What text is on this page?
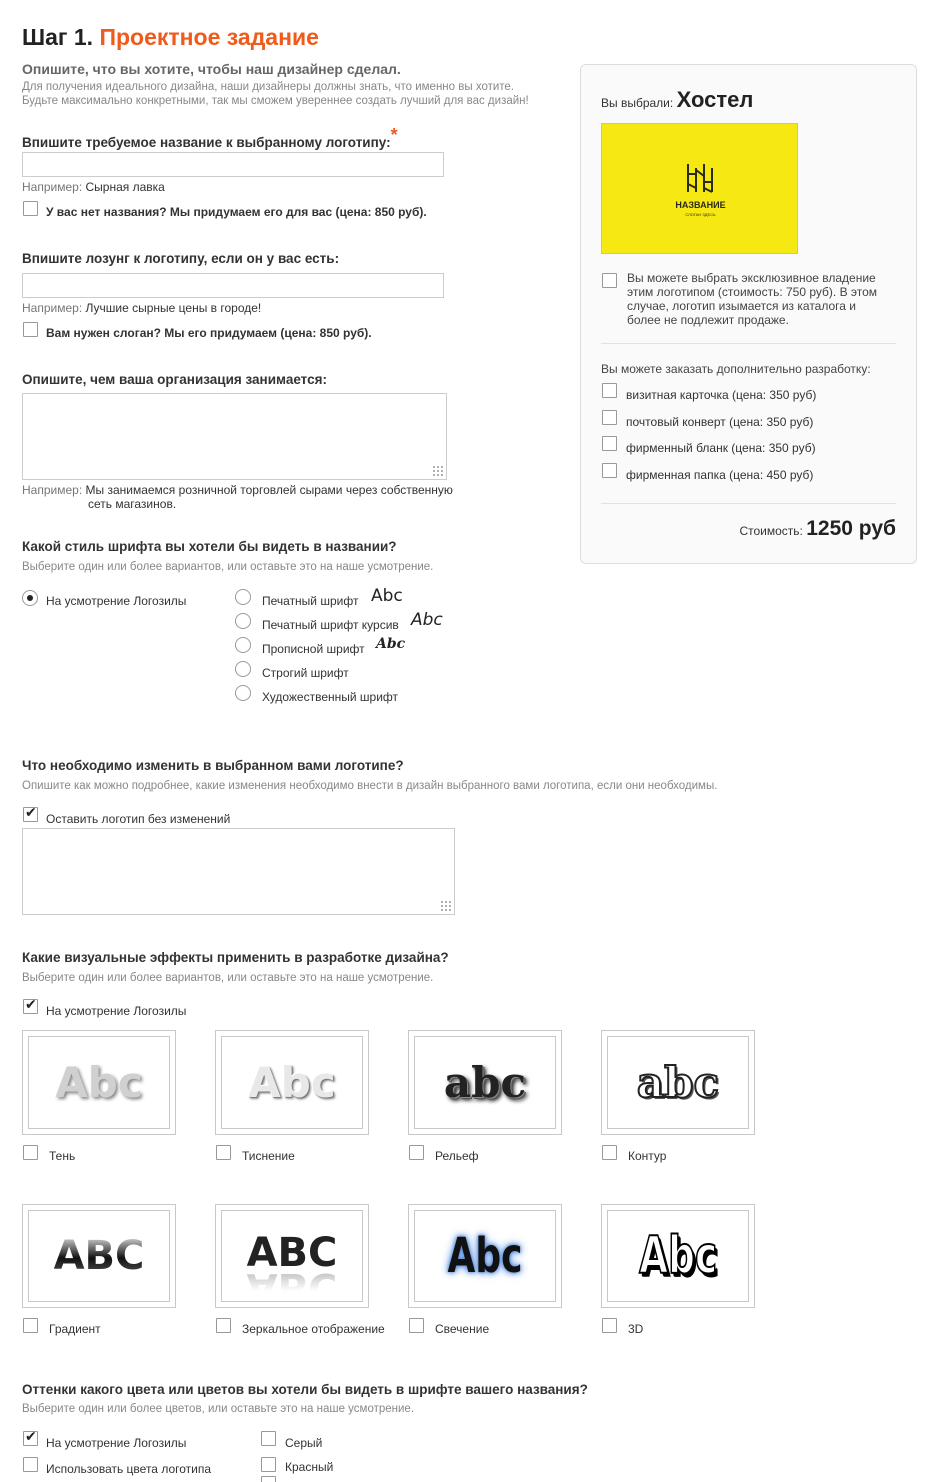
Шаг 1. Проектное задание
Опишите, что вы хотите, чтобы наш дизайнер сделал.
Для получения идеального дизайна, наши дизайнеры должны знать, что именно вы хотите.
Будьте максимально конкретными, так мы сможем увереннее создать лучший для вас дизайн!
Впишите требуемое название к выбранному логотипу:*
Например: Сырная лавка
У вас нет названия? Мы придумаем его для вас (цена: 850 руб).
Впишите лозунг к логотипу, если он у вас есть:
Например: Лучшие сырные цены в городе!
Вам нужен слоган? Мы его придумаем (цена: 850 руб).
Опишите, чем ваша организация занимается:
Например: Мы занимаемся розничной торговлей сырами через собственную
сеть магазинов.
Какой стиль шрифта вы хотели бы видеть в названии?
Выберите один или более вариантов, или оставьте это на наше усмотрение.
На усмотрение Логозилы	Печатный шрифт Abc
Печатный шрифт курсив Abc
Прописной шрифт Abc
Строгий шрифт
Художественный шрифт
Что необходимо изменить в выбранном вами логотипе?
Опишите как можно подробнее, какие изменения необходимо внести в дизайн выбранного вами логотипа, если они необходимы.
✔
Оставить логотип без изменений
Какие визуальные эффекты применить в разработке дизайна?
Выберите один или более вариантов, или оставьте это на наше усмотрение.
✔
На усмотрение Логозилы
Abc
Тень
Abc
Тиснение
abc
Рельеф
abc
Контур
ABC
Градиент
ABC
Зеркальное отображение
Abc
Свечение
Abc
3D
Оттенки какого цвета или цветов вы хотели бы видеть в шрифте вашего названия?
Выберите один или более цветов, или оставьте это на наше усмотрение.
✔
На усмотрение Логозилы
Использовать цвета логотипа
Серый
Красный
Вы выбрали: Хостел
НАЗВАНИЕ
СЛОГАН ЗДЕСЬ
Вы можете выбрать эксклюзивное владение
этим логотипом (стоимость: 750 руб). В этом
случае, логотип изымается из каталога и
более не подлежит продаже.
Вы можете заказать дополнительно разработку:
визитная карточка (цена: 350 руб)
почтовый конверт (цена: 350 руб)
фирменный бланк (цена: 350 руб)
фирменная папка (цена: 450 руб)
Стоимость: 1250 руб
